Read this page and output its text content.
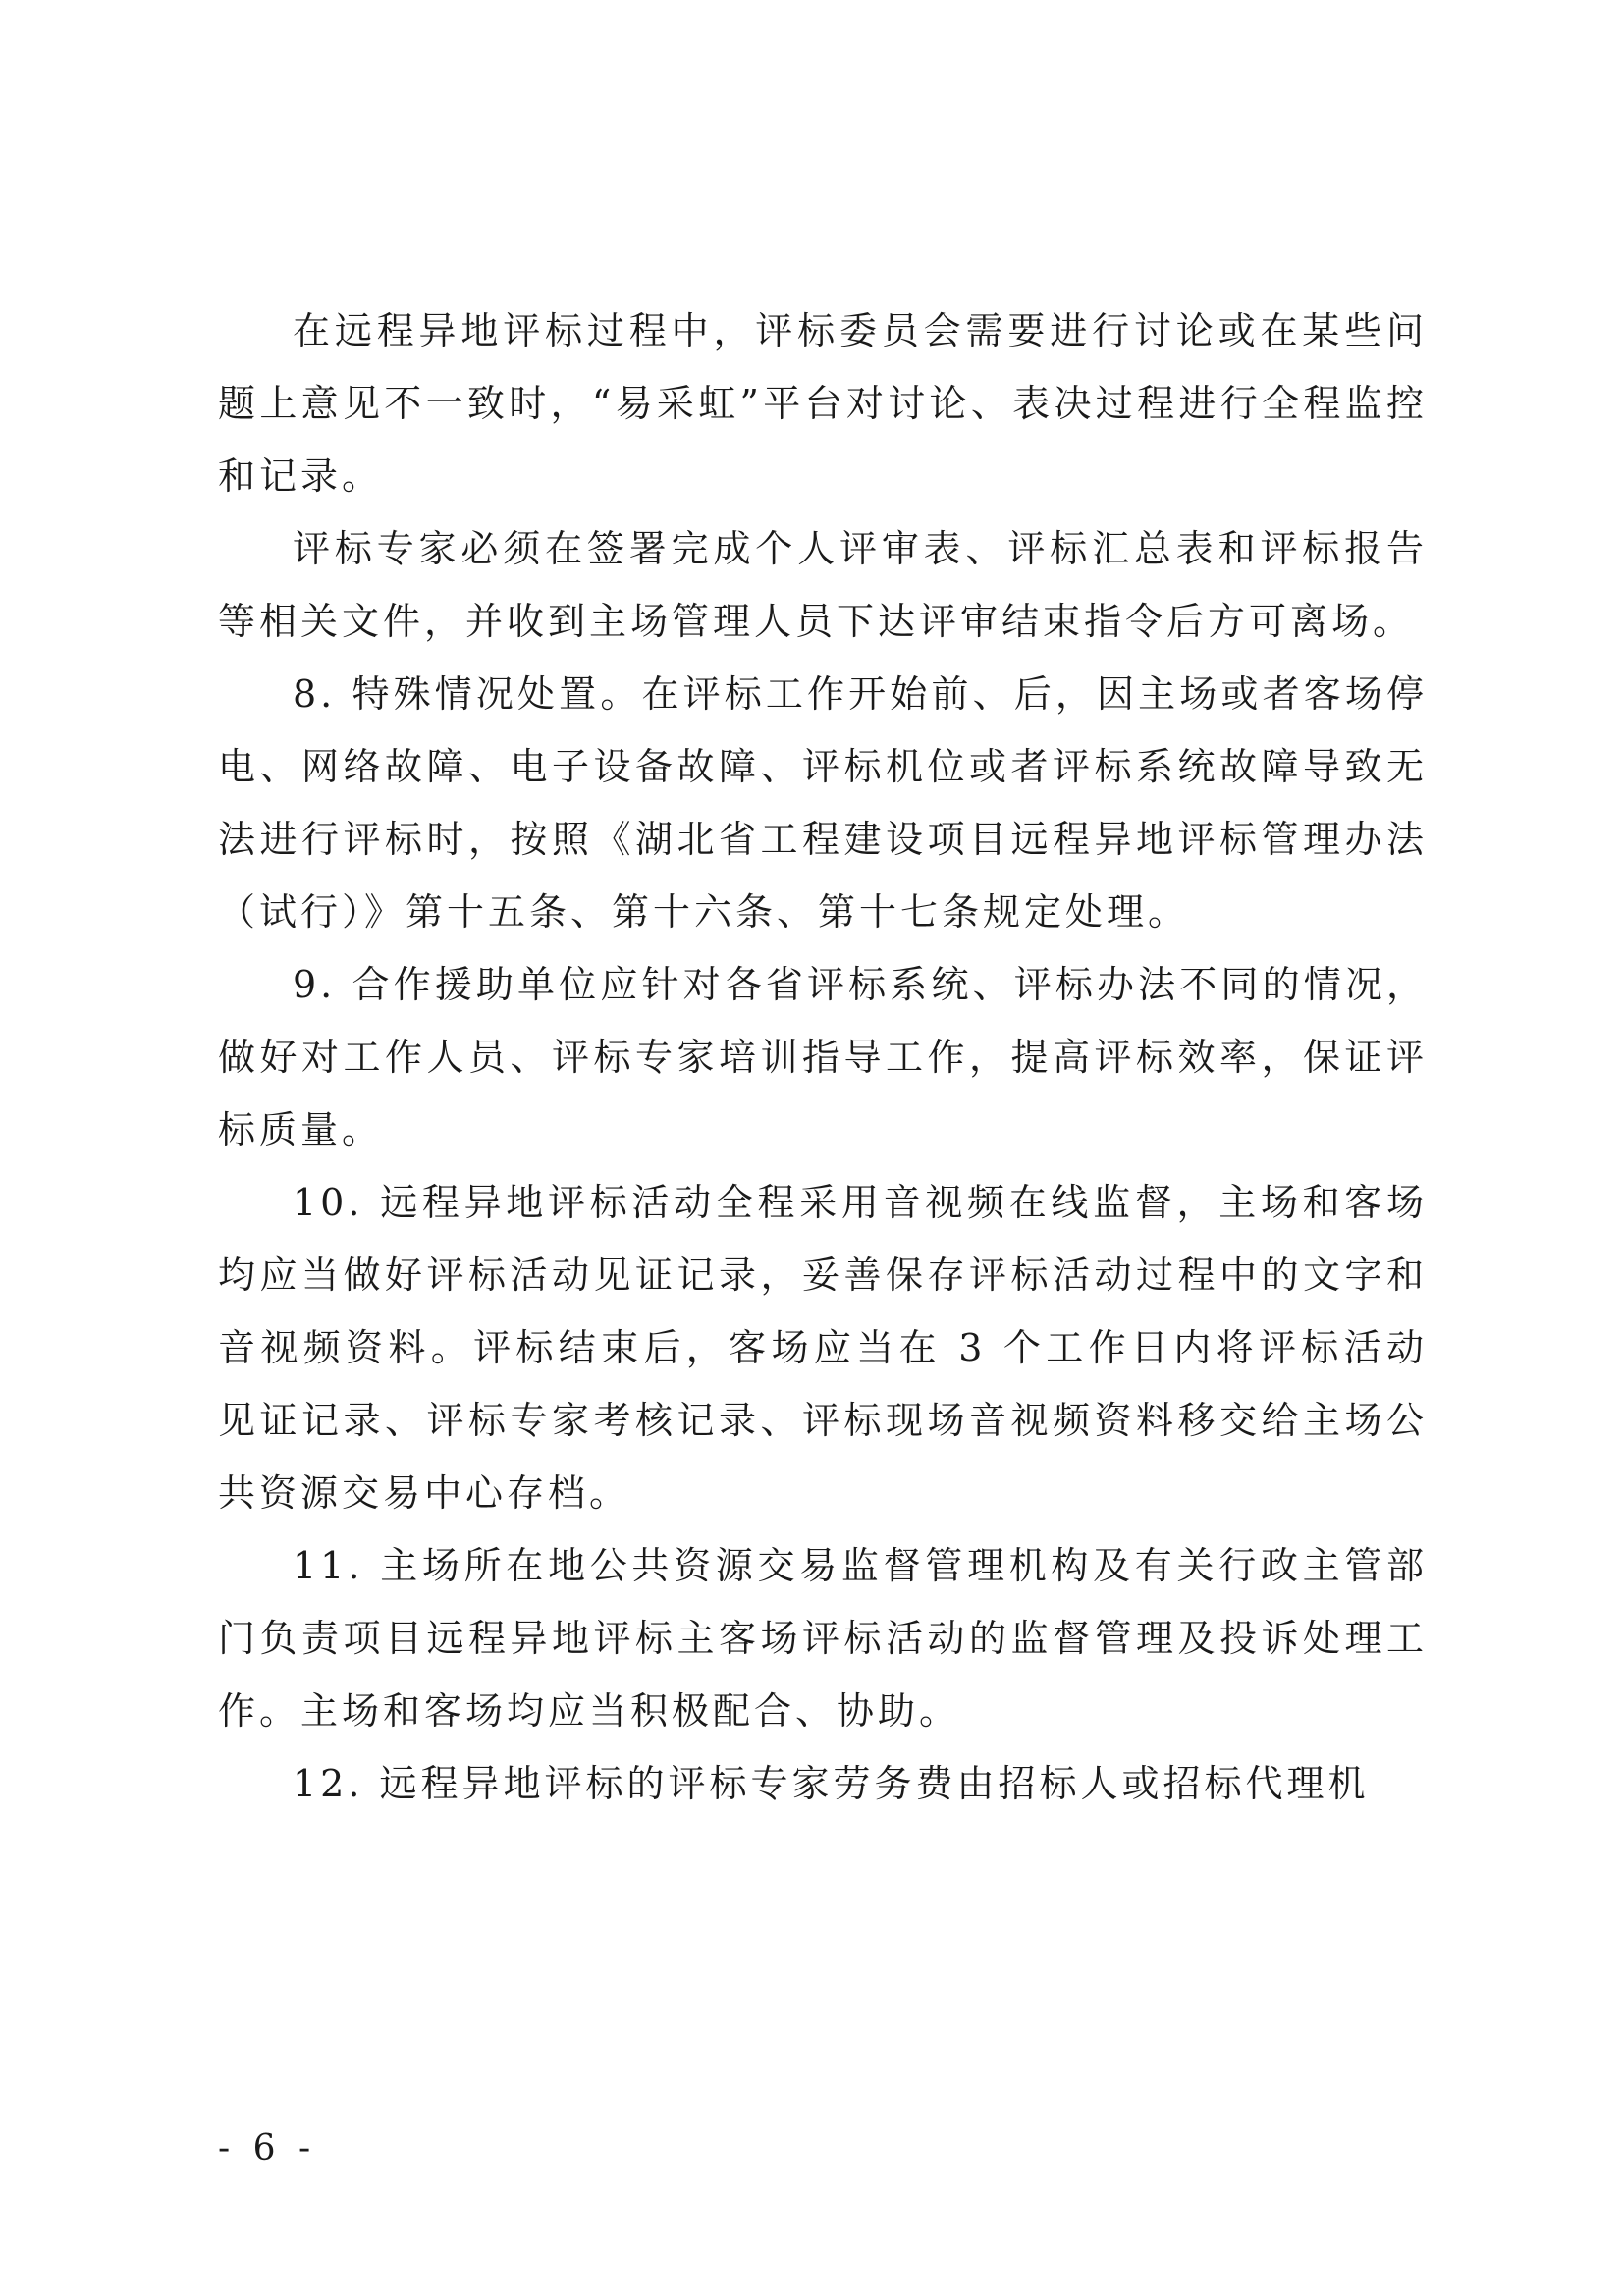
在远程异地评标过程中，评标委员会需要进行讨论或在某些问题上意见不一致时，“易采虹”平台对讨论、表决过程进行全程监控和记录。

评标专家必须在签署完成个人评审表、评标汇总表和评标报告等相关文件，并收到主场管理人员下达评审结束指令后方可离场。

8. 特殊情况处置。在评标工作开始前、后，因主场或者客场停电、网络故障、电子设备故障、评标机位或者评标系统故障导致无法进行评标时，按照《湖北省工程建设项目远程异地评标管理办法（试行）》第十五条、第十六条、第十七条规定处理。

9. 合作援助单位应针对各省评标系统、评标办法不同的情况，做好对工作人员、评标专家培训指导工作，提高评标效率，保证评标质量。

10. 远程异地评标活动全程采用音视频在线监督，主场和客场均应当做好评标活动见证记录，妥善保存评标活动过程中的文字和音视频资料。评标结束后，客场应当在 3 个工作日内将评标活动见证记录、评标专家考核记录、评标现场音视频资料移交给主场公共资源交易中心存档。

11. 主场所在地公共资源交易监督管理机构及有关行政主管部门负责项目远程异地评标主客场评标活动的监督管理及投诉处理工作。主场和客场均应当积极配合、协助。

12. 远程异地评标的评标专家劳务费由招标人或招标代理机

- 6 -
